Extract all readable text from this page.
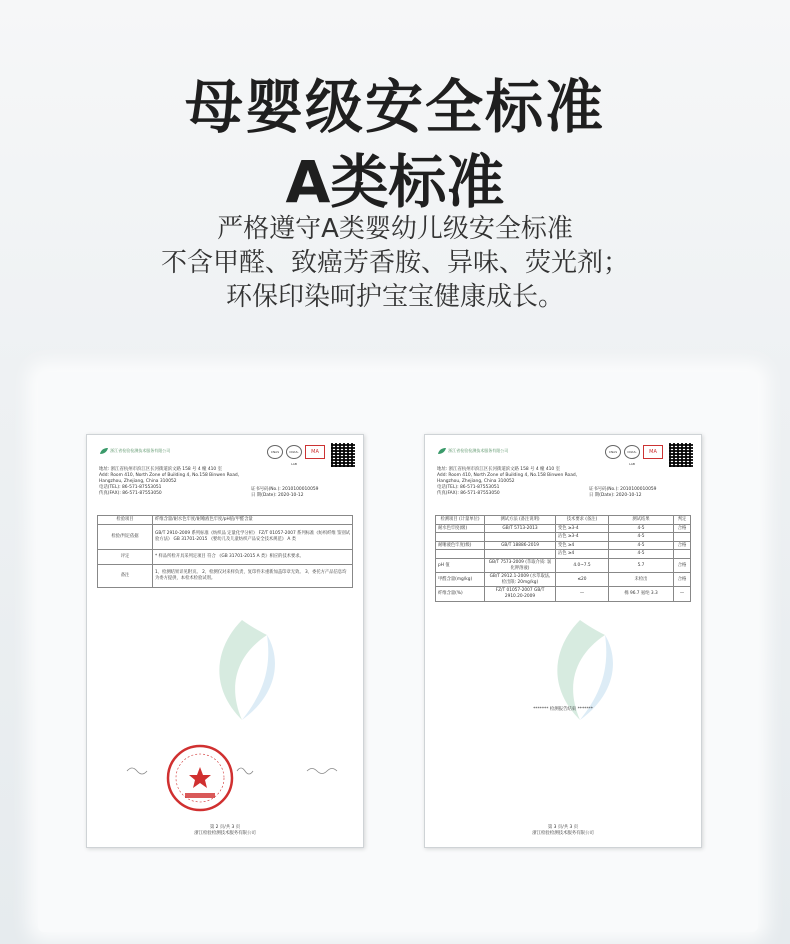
母婴级安全标准
A类标准
严格遵守A类婴幼儿级安全标准
不含甲醛、致癌芳香胺、异味、荧光剂；
环保印染呵护宝宝健康成长。
浙江省检验检测技术服务有限公司	CNAS	CNAS-LAB
MA
地址: 浙江省杭州市滨江区长河街道滨文路 158 号 4 幢 410 室
Add: Room 410, North Zone of Building 4, No.158 Binwen Road, Hangzhou, Zhejiang, China 310052
电话(TEL): 86-571-87553051
传真(FAX): 86-571-87553050
证书号码(No.): 2010100010059
日 期(Date): 2020-10-12
检验项目	纤维含量/耐水色牢度/耐唾液色牢度/pH值/甲醛含量
检验/判定依据	GB/T 2910-2009 系列标准《纺织品 定量化学分析》 FZ/T 01057-2007 系列标准《纺织纤维 鉴别试验方法》 GB 31701-2015 《婴幼儿及儿童纺织产品安全技术规范》 A 类
评定	* 样品所检开具采列定项目 符合 《GB 31701-2015 A 类》相应的技术要求。
备注	1、检测结果详见附页。 2、检测仅对来样负责，复印件未重新加盖印章无效。 3、委托方产品信息均为委方提供，本检术检验试剂。
第 2 页/共 3 页
浙江检验检测技术服务有限公司
浙江省检验检测技术服务有限公司	CNAS	CNAS-LAB
MA
地址: 浙江省杭州市滨江区长河街道滨文路 158 号 4 幢 410 室
Add: Room 410, North Zone of Building 4, No.158 Binwen Road, Hangzhou, Zhejiang, China 310052
电话(TEL): 86-571-87553051
传真(FAX): 86-571-87553050
证书号码(No.): 2010100010059
日 期(Date): 2020-10-12
检测项目 (计量单位)	测试方法 (备注说明)	技术要求 (备注)	测试结果	判定
耐水色牢度(级)	GB/T 5713-2013	变色 ≥3-4	4-5	合格
		沾色 ≥3-4	4-5	
耐唾液色牢度(级)	GB/T 18886-2019	变色 ≥4	4-5	合格
		沾色 ≥4	4-5	
pH 值	GB/T 7573-2009 (萃取介质: 氯化钾溶液)	4.0~7.5	5.7	合格
甲醛含量(mg/kg)	GB/T 2912.1-2009 (水萃取法, 检出限: 20mg/kg)	≤20	未检出	合格
纤维含量(%)	FZ/T 01057-2007 GB/T 2910.20-2009	—	棉 96.7 氨纶 3.3	—
******* 检测报告结束 *******
第 3 页/共 3 页
浙江检验检测技术服务有限公司
